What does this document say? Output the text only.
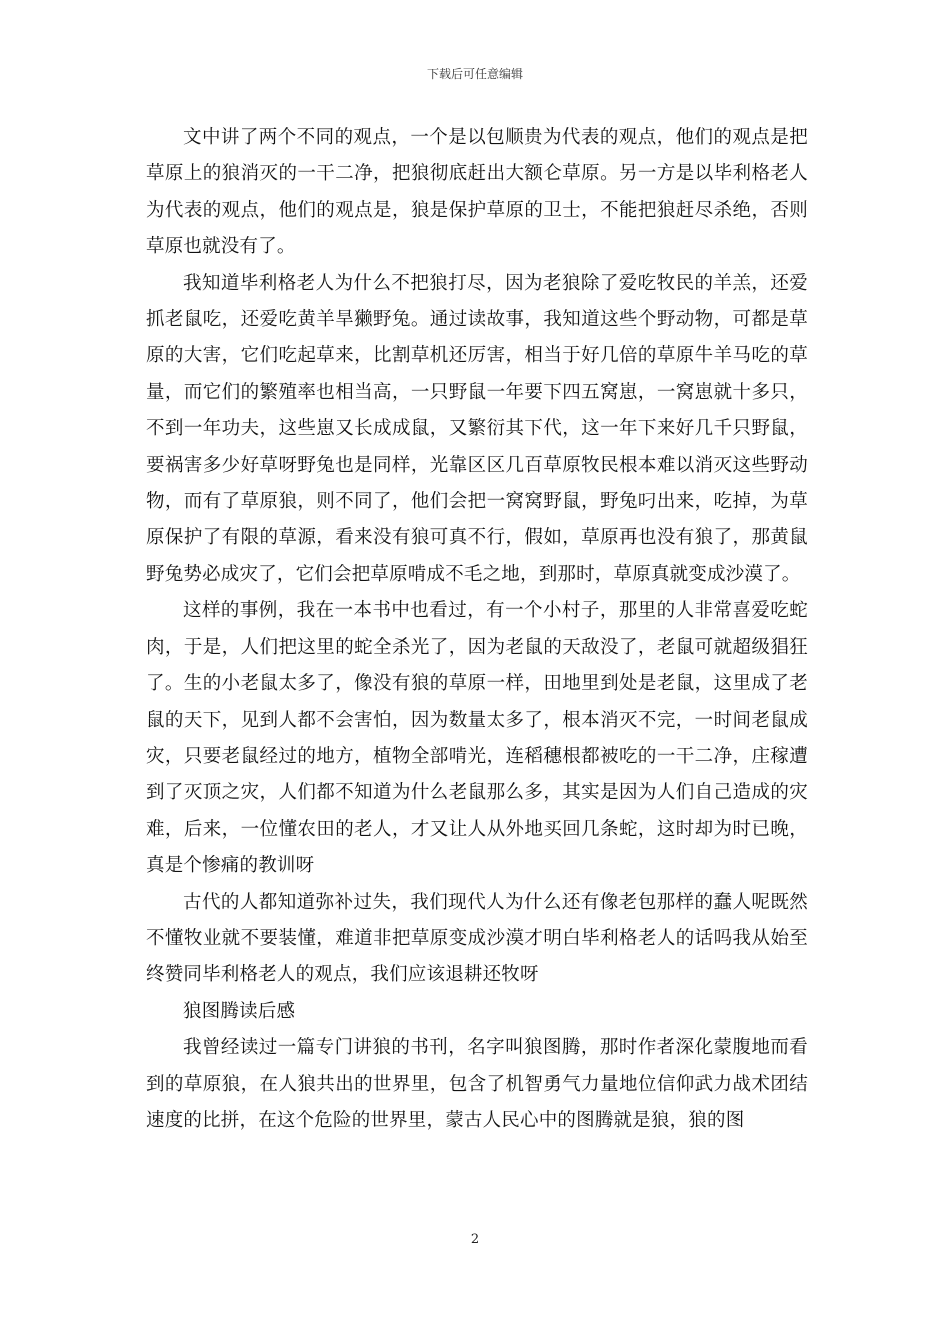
下载后可任意编辑

文中讲了两个不同的观点，一个是以包顺贵为代表的观点，他们的观点是把草原上的狼消灭的一干二净，把狼彻底赶出大额仑草原。另一方是以毕利格老人为代表的观点，他们的观点是，狼是保护草原的卫士，不能把狼赶尽杀绝，否则草原也就没有了。

我知道毕利格老人为什么不把狼打尽，因为老狼除了爱吃牧民的羊羔，还爱抓老鼠吃，还爱吃黄羊旱獭野兔。通过读故事，我知道这些个野动物，可都是草原的大害，它们吃起草来，比割草机还厉害，相当于好几倍的草原牛羊马吃的草量，而它们的繁殖率也相当高，一只野鼠一年要下四五窝崽，一窝崽就十多只，不到一年功夫，这些崽又长成成鼠，又繁衍其下代，这一年下来好几千只野鼠，要祸害多少好草呀野兔也是同样，光靠区区几百草原牧民根本难以消灭这些野动物，而有了草原狼，则不同了，他们会把一窝窝野鼠，野兔叼出来，吃掉，为草原保护了有限的草源，看来没有狼可真不行，假如，草原再也没有狼了，那黄鼠野兔势必成灾了，它们会把草原啃成不毛之地，到那时，草原真就变成沙漠了。

这样的事例，我在一本书中也看过，有一个小村子，那里的人非常喜爱吃蛇肉，于是，人们把这里的蛇全杀光了，因为老鼠的天敌没了，老鼠可就超级猖狂了。生的小老鼠太多了，像没有狼的草原一样，田地里到处是老鼠，这里成了老鼠的天下，见到人都不会害怕，因为数量太多了，根本消灭不完，一时间老鼠成灾，只要老鼠经过的地方，植物全部啃光，连稻穗根都被吃的一干二净，庄稼遭到了灭顶之灾，人们都不知道为什么老鼠那么多，其实是因为人们自己造成的灾难，后来，一位懂农田的老人，才又让人从外地买回几条蛇，这时却为时已晚，真是个惨痛的教训呀

古代的人都知道弥补过失，我们现代人为什么还有像老包那样的蠢人呢既然不懂牧业就不要装懂，难道非把草原变成沙漠才明白毕利格老人的话吗我从始至终赞同毕利格老人的观点，我们应该退耕还牧呀

狼图腾读后感

我曾经读过一篇专门讲狼的书刊，名字叫狼图腾，那时作者深化蒙腹地而看到的草原狼，在人狼共出的世界里，包含了机智勇气力量地位信仰武力战术团结速度的比拼，在这个危险的世界里，蒙古人民心中的图腾就是狼，狼的图

2
